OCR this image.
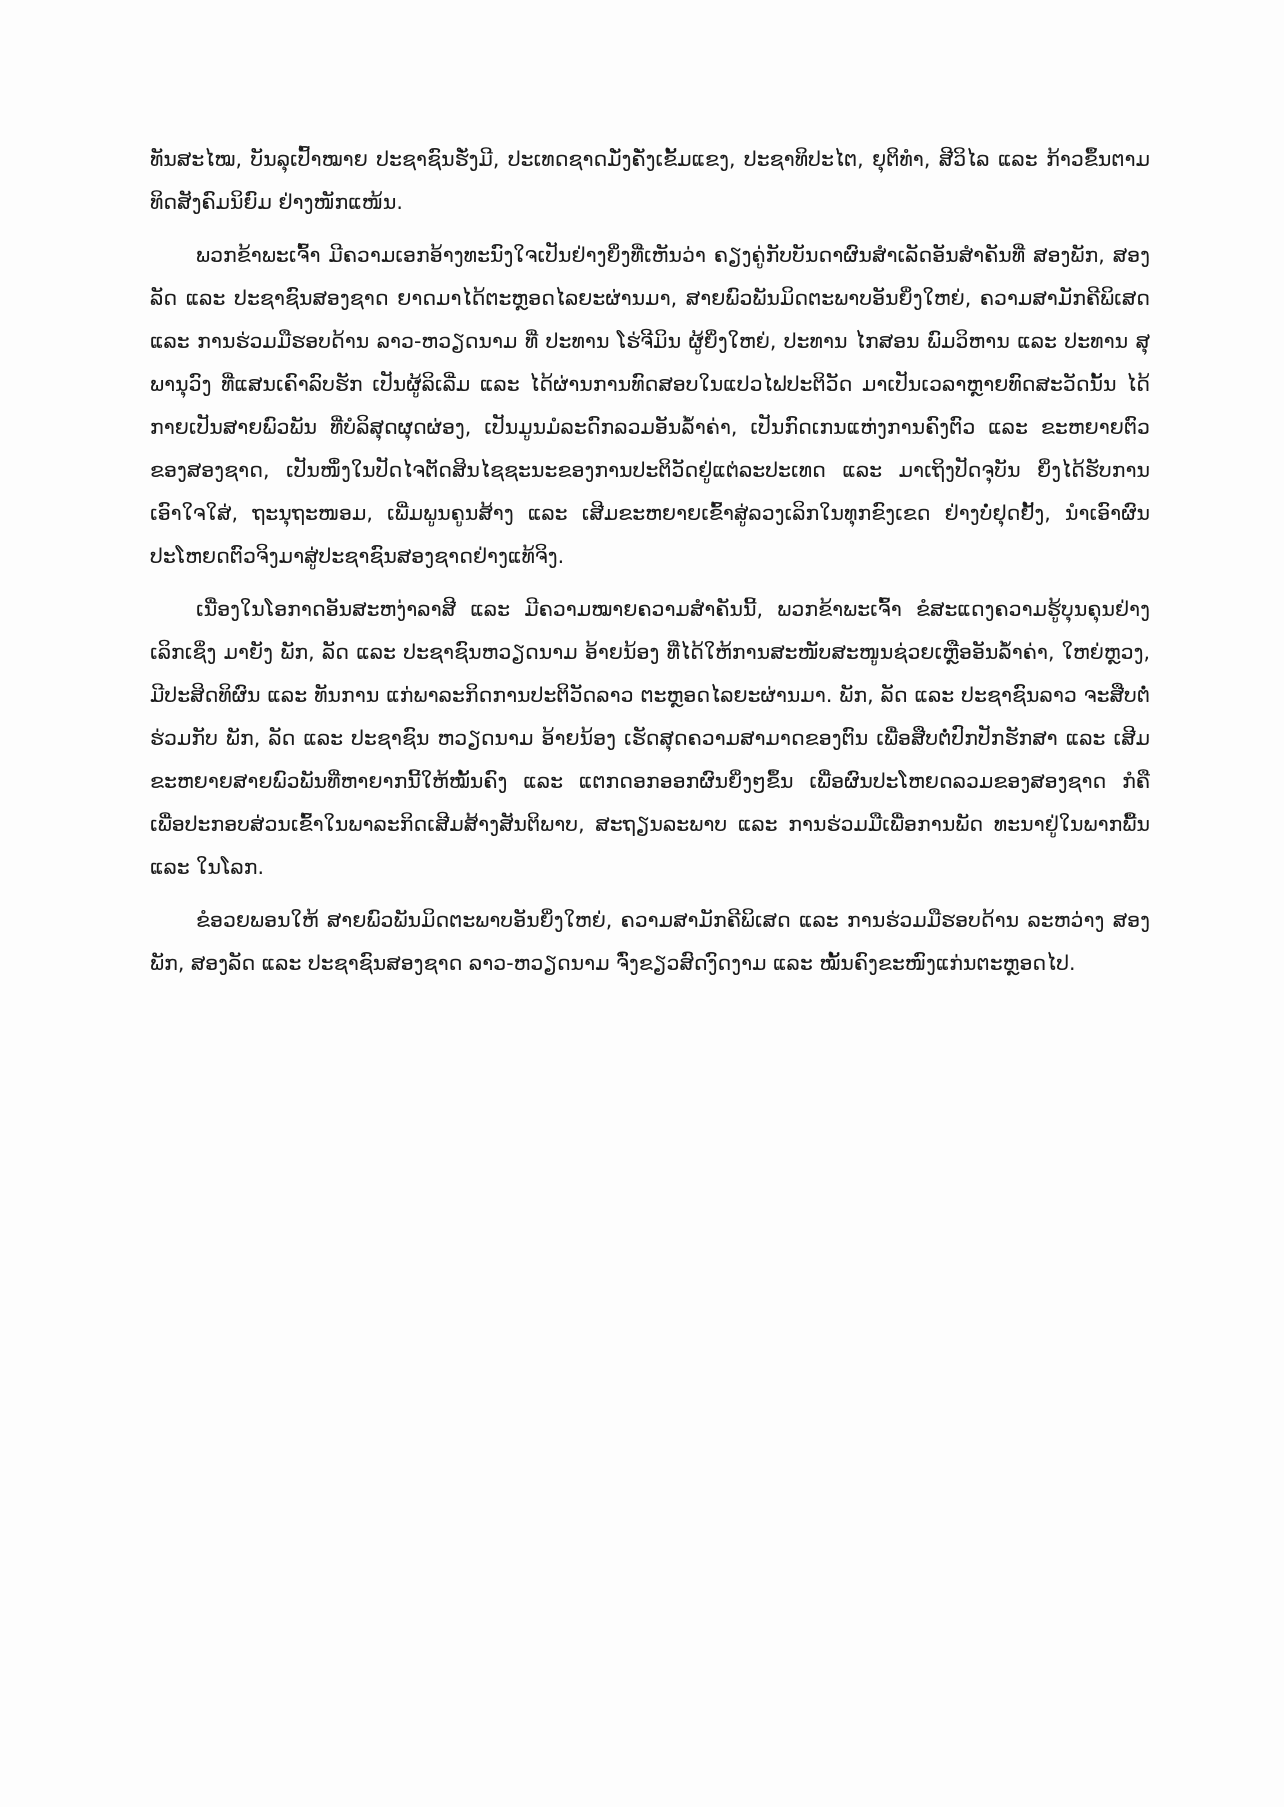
ທັນສະໄໝ, ບັນລຸເປົ້າໝາຍ ປະຊາຊົນຮັ່ງມີ, ປະເທດຊາດມັ່ງຄັ່ງເຂັ້ມແຂງ, ປະຊາທິປະໄຕ, ຍຸຕິທຳ, ສີວິໄລ ແລະ ກ້າວຂຶ້ນຕາມທິດສັງຄົມນິຍົມ ຢ່າງໜັກແໜ້ນ.

ພວກຂ້າພະເຈົ້າ ມີຄວາມເອກອ້າງທະນົງໃຈເປັນຢ່າງຍິ່ງທີ່ເຫັນວ່າ ຄຽງຄູ່ກັບບັນດາຜົນສຳເລັດອັນສຳຄັນທີ່ ສອງພັກ, ສອງ ລັດ ແລະ ປະຊາຊົນສອງຊາດ ຍາດມາໄດ້ຕະຫຼອດໄລຍະຜ່ານມາ, ສາຍພົວພັນມິດຕະພາບອັນຍິ່ງໃຫຍ່, ຄວາມສາມັກຄີພິເສດ ແລະ ການຮ່ວມມືຮອບດ້ານ ລາວ-ຫວຽດນາມ ທີ່ ປະທານ ໂຮ່ຈີມິນ ຜູ້ຍິ່ງໃຫຍ່, ປະທານ ໄກສອນ ພົມວິຫານ ແລະ ປະທານ ສຸພານຸວົງ ທີ່ແສນເຄົາລົບຮັກ ເປັນຜູ້ລິເລີ່ມ ແລະ ໄດ້ຜ່ານການທົດສອບໃນແປວໄຟປະຕິວັດ ມາເປັນເວລາຫຼາຍທົດສະວັດນັ້ນ ໄດ້ກາຍເປັນສາຍພົວພັນ ທີ່ບໍລິສຸດຜຸດຜ່ອງ, ເປັນມູນມໍລະດົກລວມອັນລ້ຳຄ່າ, ເປັນກົດເກນແຫ່ງການຄົງຕົວ ແລະ ຂະຫຍາຍຕົວຂອງສອງຊາດ, ເປັນໜຶ່ງໃນປັດໄຈຕັດສິນໄຊຊະນະຂອງການປະຕິວັດຢູ່ແຕ່ລະປະເທດ ແລະ ມາເຖິງປັດຈຸບັນ ຍິ່ງໄດ້ຮັບການເອົາໃຈໃສ່, ຖະນຸຖະໜອມ, ເພີ່ມພູນຄູນສ້າງ ແລະ ເສີມຂະຫຍາຍເຂົ້າສູ່ລວງເລິກໃນທຸກຂົງເຂດ ຢ່າງບໍ່ຢຸດຢັ້ງ, ນຳເອົາຜົນປະໂຫຍດຕົວຈິງມາສູ່ປະຊາຊົນສອງຊາດຢ່າງແທ້ຈິງ.

ເນື່ອງໃນໂອກາດອັນສະຫງ່າລາສີ ແລະ ມີຄວາມໝາຍຄວາມສຳຄັນນີ້, ພວກຂ້າພະເຈົ້າ ຂໍສະແດງຄວາມຮູ້ບຸນຄຸນຢ່າງເລິກເຊິ່ງ ມາຍັງ ພັກ, ລັດ ແລະ ປະຊາຊົນຫວຽດນາມ ອ້າຍນ້ອງ ທີ່ໄດ້ໃຫ້ການສະໜັບສະໜູນຊ່ວຍເຫຼືອອັນລ້ຳຄ່າ, ໃຫຍ່ຫຼວງ, ມີປະສິດທິຜົນ ແລະ ທັນການ ແກ່ພາລະກິດການປະຕິວັດລາວ ຕະຫຼອດໄລຍະຜ່ານມາ. ພັກ, ລັດ ແລະ ປະຊາຊົນລາວ ຈະສືບຕໍ່ຮ່ວມກັບ ພັກ, ລັດ ແລະ ປະຊາຊົນ ຫວຽດນາມ ອ້າຍນ້ອງ ເຮັດສຸດຄວາມສາມາດຂອງຕົນ ເພື່ອສືບຕໍ່ປົກປັກຮັກສາ ແລະ ເສີມຂະຫຍາຍສາຍພົວພັນທີ່ຫາຍາກນີ້ໃຫ້ໝັ້ນຄົງ ແລະ ແຕກດອກອອກຜົນຍິ່ງໆຂຶ້ນ ເພື່ອຜົນປະໂຫຍດລວມຂອງສອງຊາດ ກໍຄື ເພື່ອປະກອບສ່ວນເຂົ້າໃນພາລະກິດເສີມສ້າງສັນຕິພາບ, ສະຖຽນລະພາບ ແລະ ການຮ່ວມມືເພື່ອການພັດ ທະນາຢູ່ໃນພາກພື້ນ ແລະ ໃນໂລກ.

ຂໍອວຍພອນໃຫ້ ສາຍພົວພັນມິດຕະພາບອັນຍິ່ງໃຫຍ່, ຄວາມສາມັກຄີພິເສດ ແລະ ການຮ່ວມມືຮອບດ້ານ ລະຫວ່າງ ສອງພັກ, ສອງລັດ ແລະ ປະຊາຊົນສອງຊາດ ລາວ-ຫວຽດນາມ ຈົ່ງຂຽວສົດງົດງາມ ແລະ ໝັ້ນຄົງຂະໜົງແກ່ນຕະຫຼອດໄປ.
